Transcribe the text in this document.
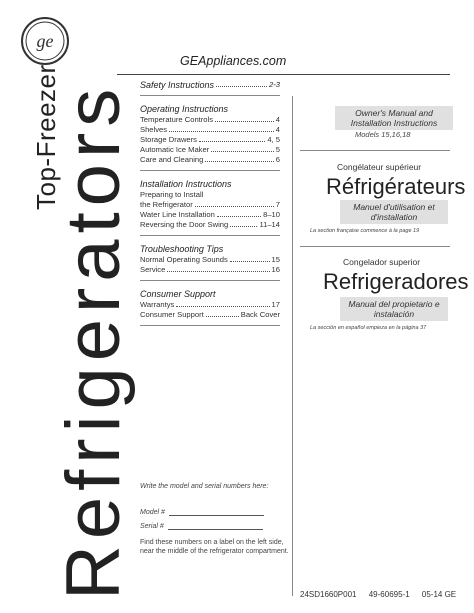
ge
GEAppliances.com
Top-Freezer
Refrigerators Safety Instructions	2-3
Operating Instructions
Temperature Controls	4
Shelves	4
Storage Drawers	4, 5
Automatic Ice Maker	5
Care and Cleaning	6
Installation Instructions
Preparing to Install
the Refrigerator	7
Water Line Installation	8–10
Reversing the Door Swing	11–14
Troubleshooting Tips
Normal Operating Sounds	15
Service	16
Consumer Support
Warrantys	17
Consumer Support	Back Cover
Owner's Manual and Installation Instructions
Models 15,16,18
Congélateur supérieur
Réfrigérateurs
Manuel d'utilisation et d'installation
La section française commence à la page 19
Congelador superior
Refrigeradores
Manual del propietario e instalación
La sección en español empieza en la página 37
Write the model and serial numbers here:
Model #
Serial #
Find these numbers on a label on the left side, near the middle of the refrigerator compartment.
24SD1660P001 49-60695-1 05-14 GE
